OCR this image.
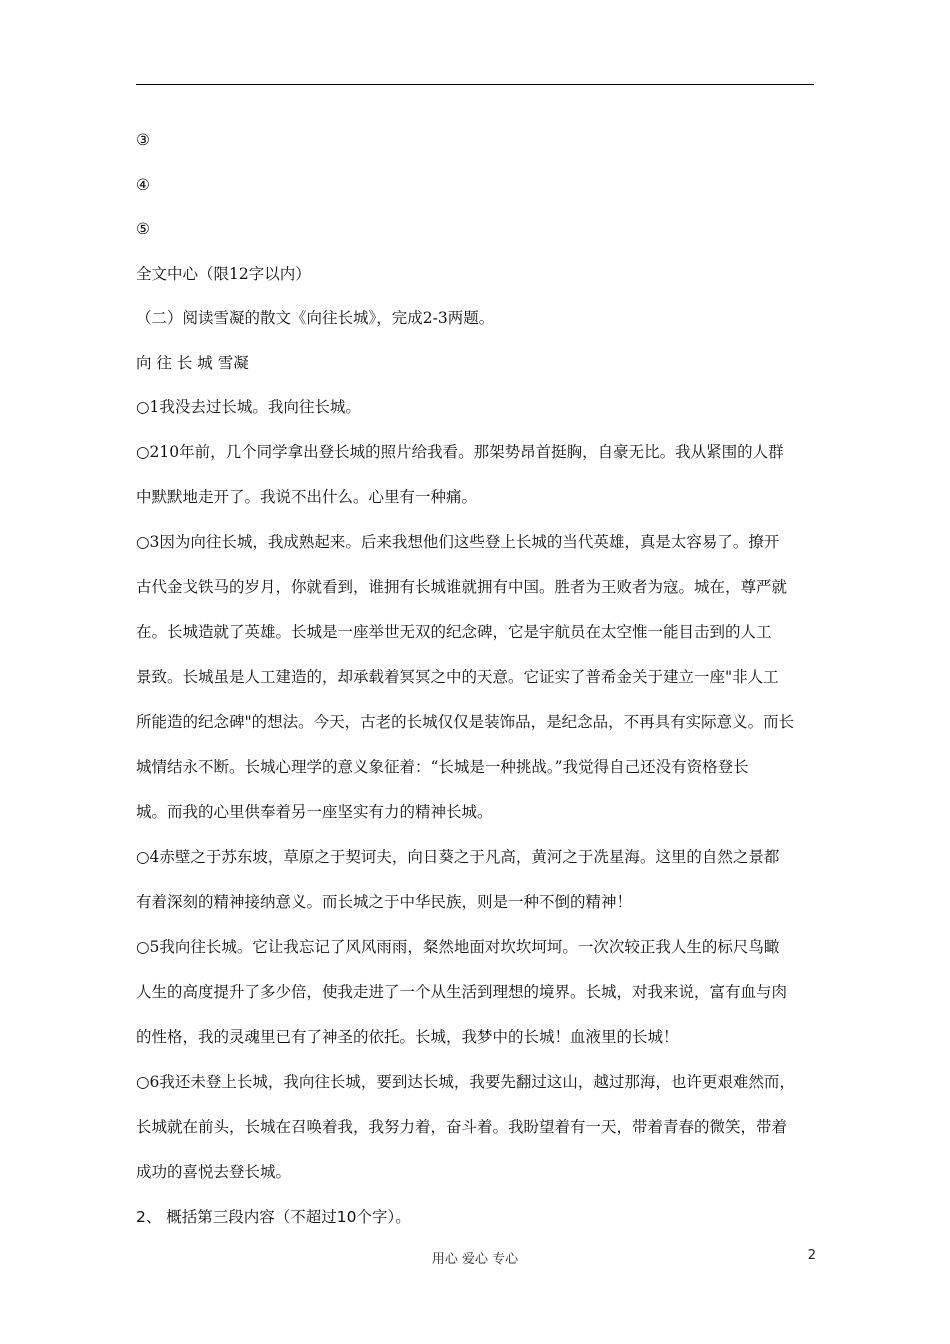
③
④
⑤
全文中心（限12字以内）
（二）阅读雪凝的散文《向往长城》，完成2-3两题。
向 往 长 城 雪凝
○1我没去过长城。我向往长城。
○210年前，几个同学拿出登长城的照片给我看。那架势昂首挺胸，自豪无比。我从紧围的人群
中默默地走开了。我说不出什么。心里有一种痛。
○3因为向往长城，我成熟起来。后来我想他们这些登上长城的当代英雄，真是太容易了。撩开
古代金戈铁马的岁月，你就看到，谁拥有长城谁就拥有中国。胜者为王败者为寇。城在，尊严就
在。长城造就了英雄。长城是一座举世无双的纪念碑，它是宇航员在太空惟一能目击到的人工
景致。长城虽是人工建造的，却承载着冥冥之中的天意。它证实了普希金关于建立一座"非人工
所能造的纪念碑"的想法。今天，古老的长城仅仅是装饰品，是纪念品，不再具有实际意义。而长
城情结永不断。长城心理学的意义象征着：“长城是一种挑战。”我觉得自己还没有资格登长
城。而我的心里供奉着另一座坚实有力的精神长城。
○4赤壁之于苏东坡，草原之于契诃夫，向日葵之于凡高，黄河之于冼星海。这里的自然之景都
有着深刻的精神接纳意义。而长城之于中华民族，则是一种不倒的精神！
○5我向往长城。它让我忘记了风风雨雨，粲然地面对坎坎坷坷。一次次较正我人生的标尺鸟瞰
人生的高度提升了多少倍，使我走进了一个从生活到理想的境界。长城，对我来说，富有血与肉
的性格，我的灵魂里已有了神圣的依托。长城，我梦中的长城！血液里的长城！
○6我还未登上长城，我向往长城，要到达长城，我要先翻过这山，越过那海，也许更艰难然而，
长城就在前头，长城在召唤着我，我努力着，奋斗着。我盼望着有一天，带着青春的微笑，带着
成功的喜悦去登长城。
2、 概括第三段内容（不超过10个字）。
用心 爱心 专心	2
